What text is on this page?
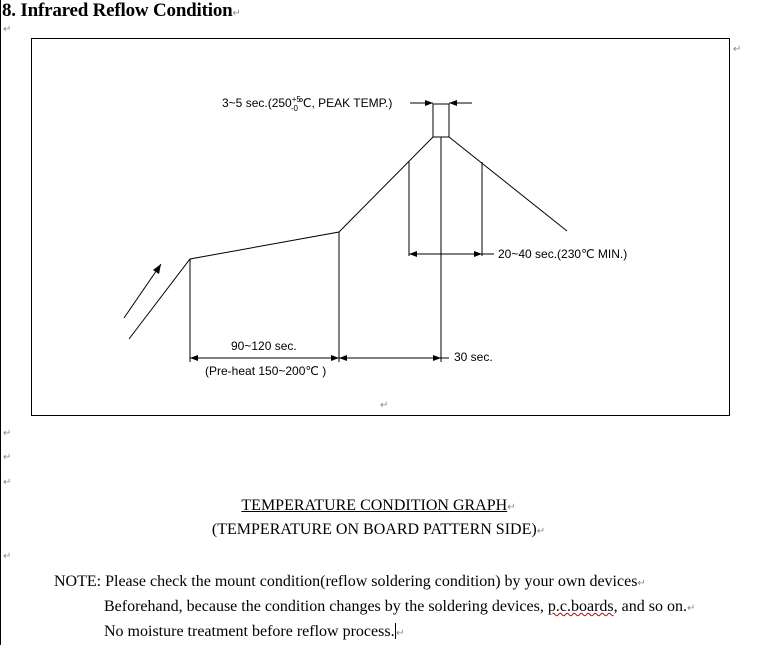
8. Infrared Reflow Condition↵
↵
↵
↵
3~5 $\sec.(250^{+5}$ -0℃, PEAK TEMP.)
20~40 sec.(230℃ MIN.)
90~120 sec.
(Pre-heat 150~200℃ )
30 sec.
↵
↵
↵
TEMPERATURE CONDITION GRAPH↵
(TEMPERATURE ON BOARD PATTERN SIDE)↵
↵
NOTE: Please check the mount condition(reflow soldering condition) by your own devices↵
Beforehand, because the condition changes by the soldering devices, p.c.boards, and so on.↵
No moisture treatment before reflow process. ↵
